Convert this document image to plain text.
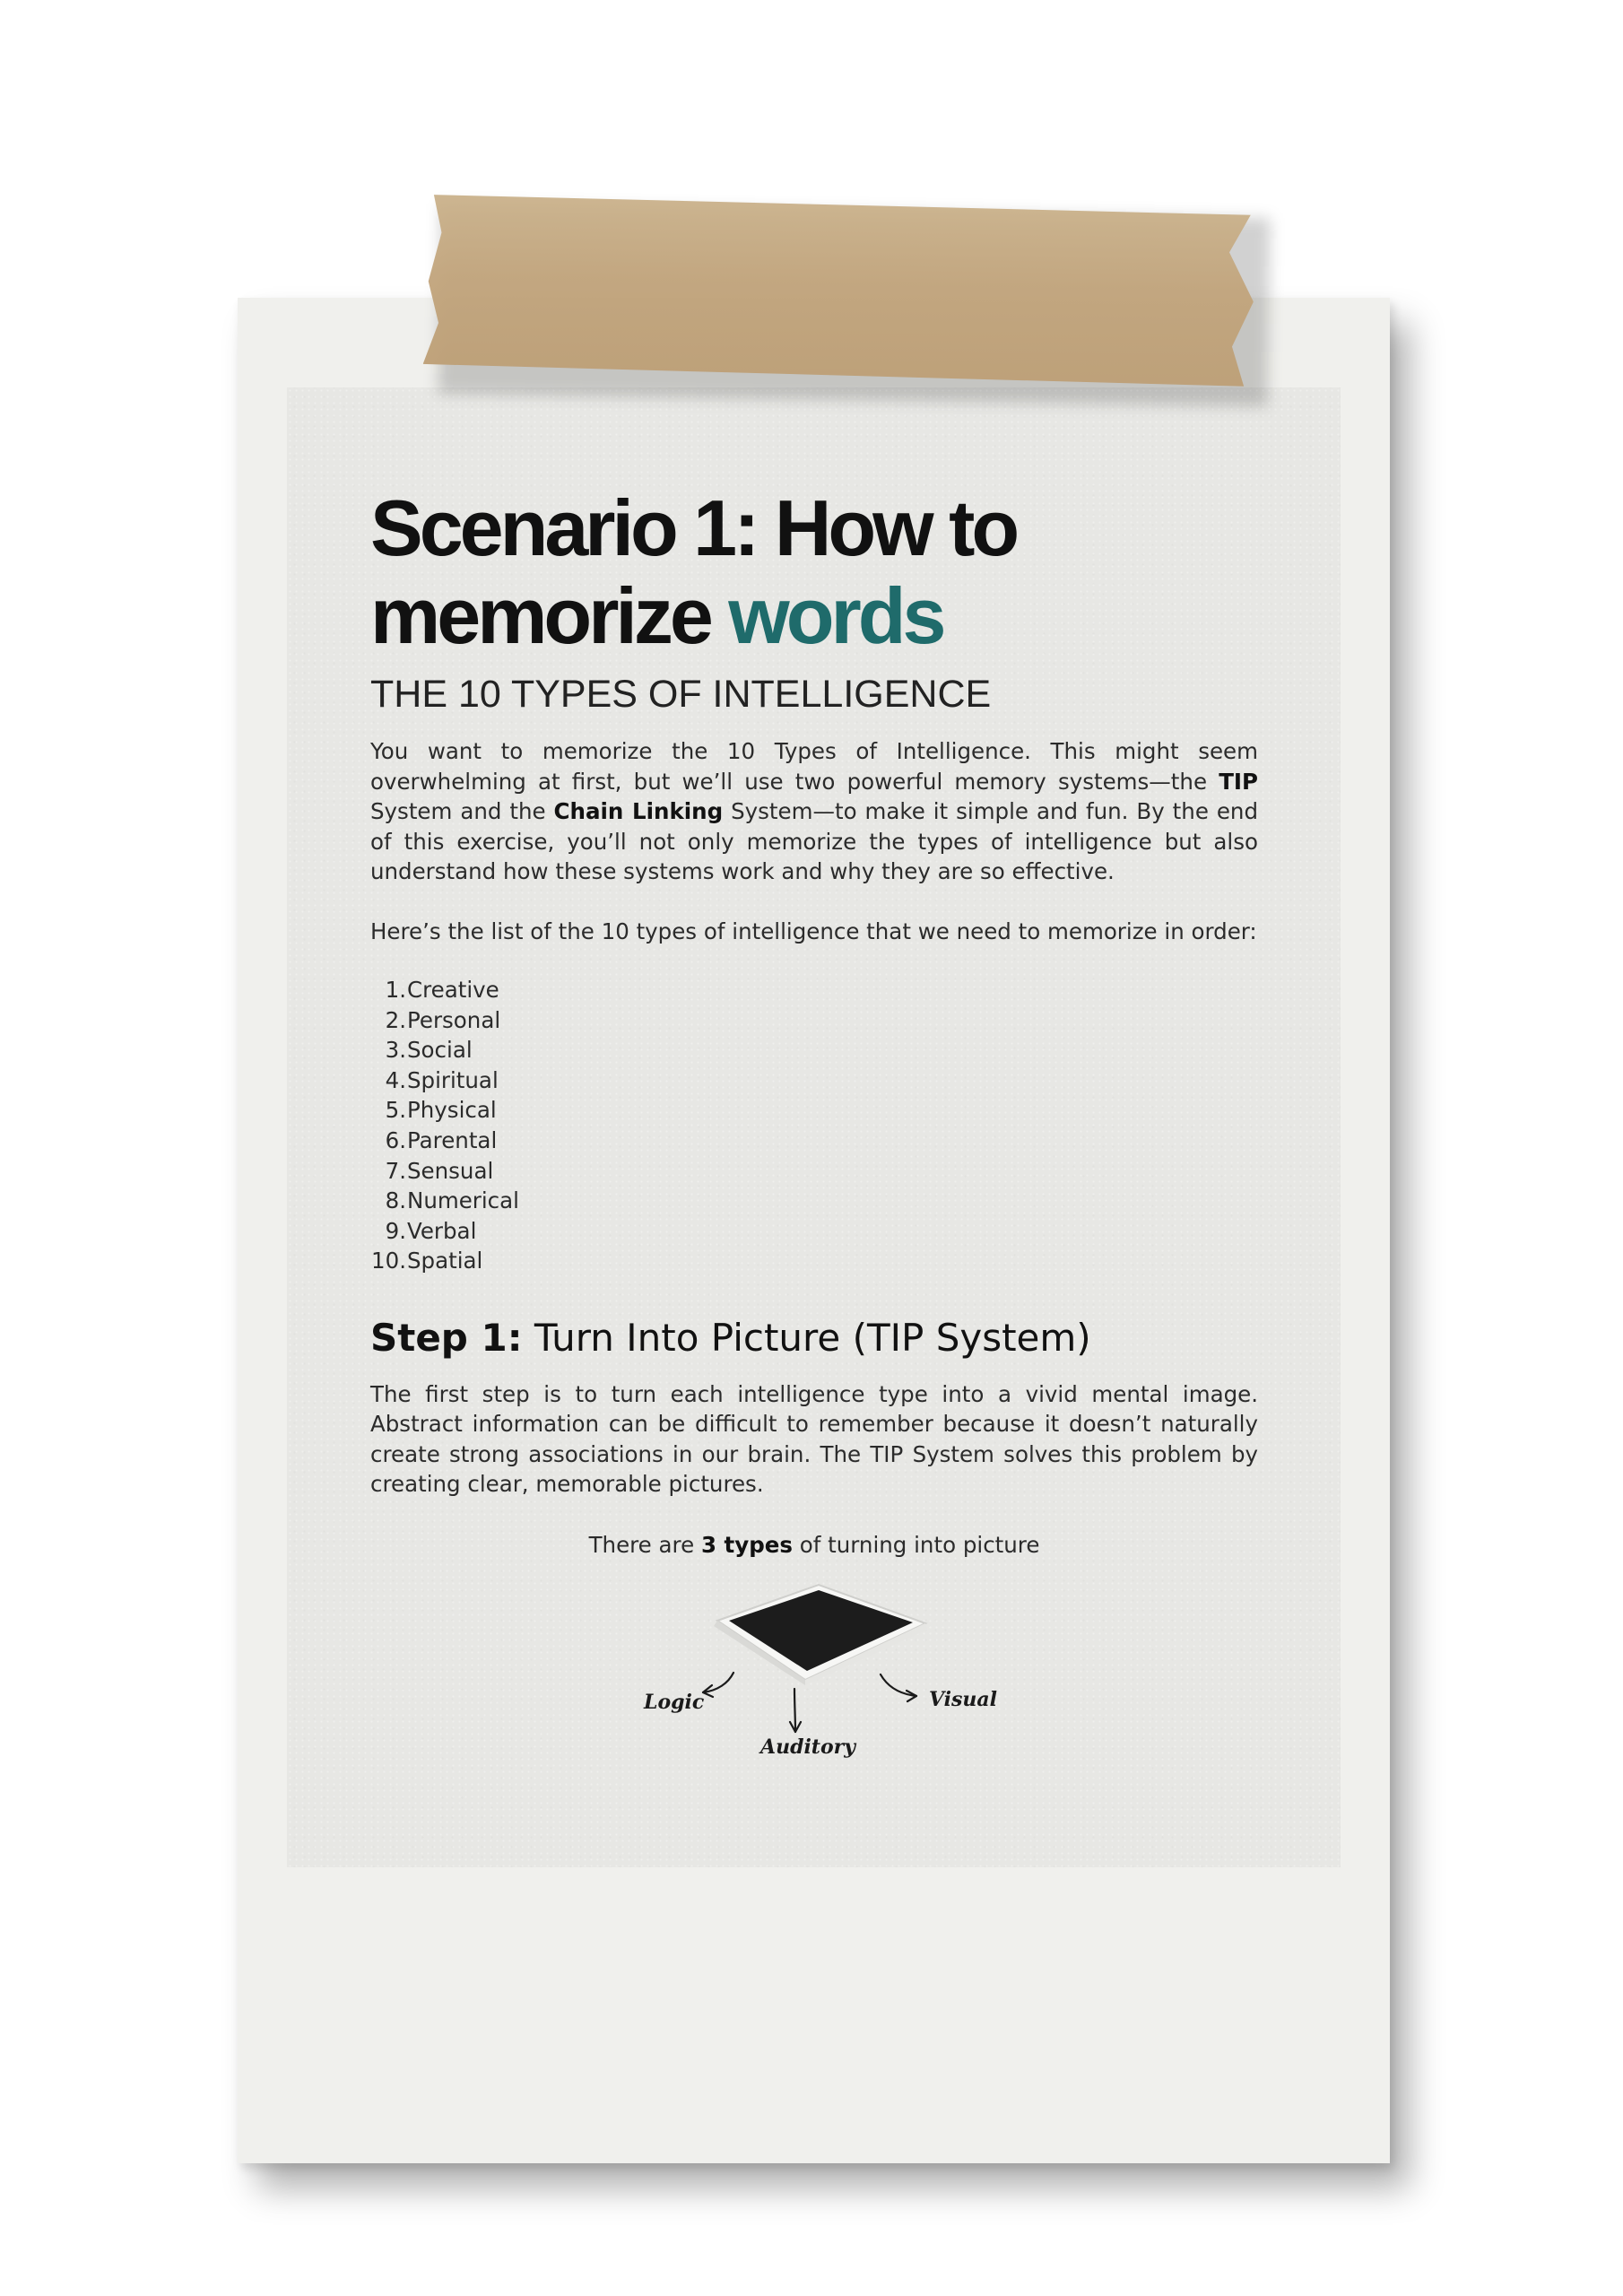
Scenario 1: How to
memorize words
THE 10 TYPES OF INTELLIGENCE

You want to memorize the 10 Types of Intelligence. This might seem overwhelming at first, but we’ll use two powerful memory systems—the TIP System and the Chain Linking System—to make it simple and fun. By the end of this exercise, you’ll not only memorize the types of intelligence but also understand how these systems work and why they are so effective.

Here’s the list of the 10 types of intelligence that we need to memorize in order:

1. Creative
2. Personal
3. Social
4. Spiritual
5. Physical
6. Parental
7. Sensual
8. Numerical
9. Verbal
10. Spatial
Step 1: Turn Into Picture (TIP System)

The first step is to turn each intelligence type into a vivid mental image. Abstract information can be difficult to remember because it doesn’t naturally create strong associations in our brain. The TIP System solves this problem by creating clear, memorable pictures.

There are 3 types of turning into picture

Logic
Auditory
Visual
